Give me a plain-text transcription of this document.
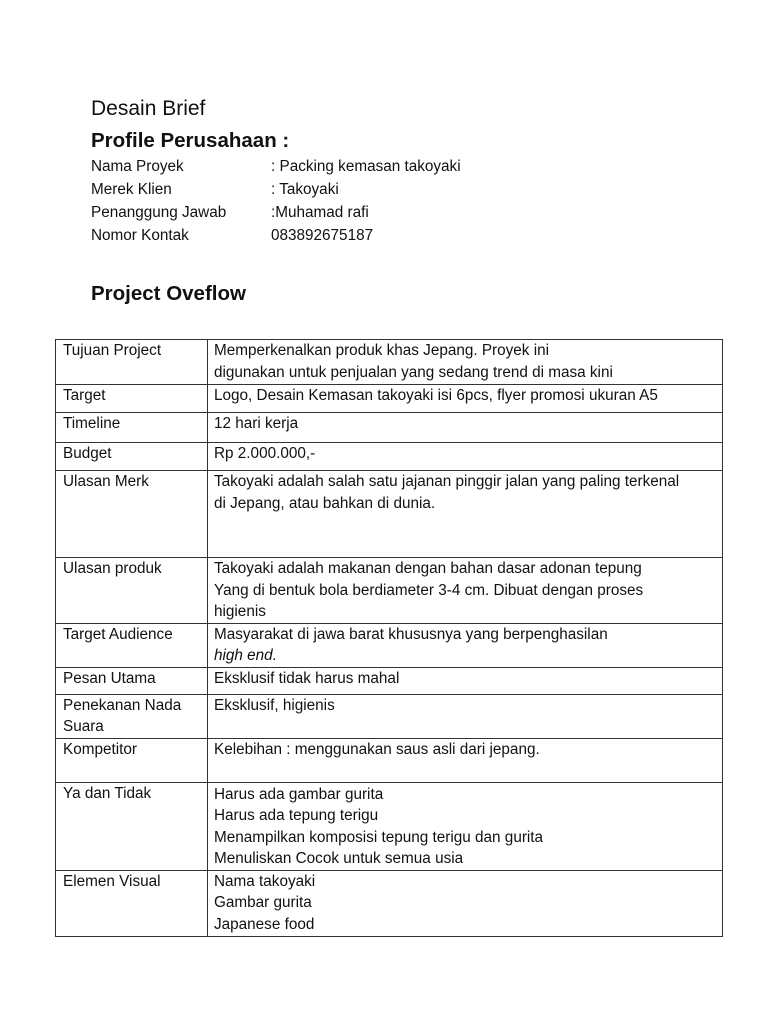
Desain Brief
Profile Perusahaan :
Nama Proyek	: Packing kemasan takoyaki
Merek Klien	: Takoyaki
Penanggung Jawab	:Muhamad rafi
Nomor Kontak	083892675187
Project Oveflow
Tujuan Project	Memperkenalkan produk khas Jepang. Proyek ini
digunakan untuk penjualan yang sedang trend di masa kini

Target	Logo, Desain Kemasan takoyaki isi 6pcs, flyer promosi ukuran A5

Timeline	12 hari kerja

Budget	Rp 2.000.000,-

Ulasan Merk	Takoyaki adalah salah satu jajanan pinggir jalan yang paling terkenal
di Jepang, atau bahkan di dunia.

Ulasan produk	Takoyaki adalah makanan dengan bahan dasar adonan tepung
Yang di bentuk bola berdiameter 3-4 cm. Dibuat dengan proses
higienis

Target Audience	Masyarakat di jawa barat khususnya yang berpenghasilan
high end.

Pesan Utama	Eksklusif tidak harus mahal

Penekanan Nada Suara	Eksklusif, higienis

Kompetitor	Kelebihan : menggunakan saus asli dari jepang.

Ya dan Tidak	Harus ada gambar gurita
Harus ada tepung terigu
Menampilkan komposisi tepung terigu dan gurita
Menuliskan Cocok untuk semua usia

Elemen Visual	Nama takoyaki
Gambar gurita
Japanese food
